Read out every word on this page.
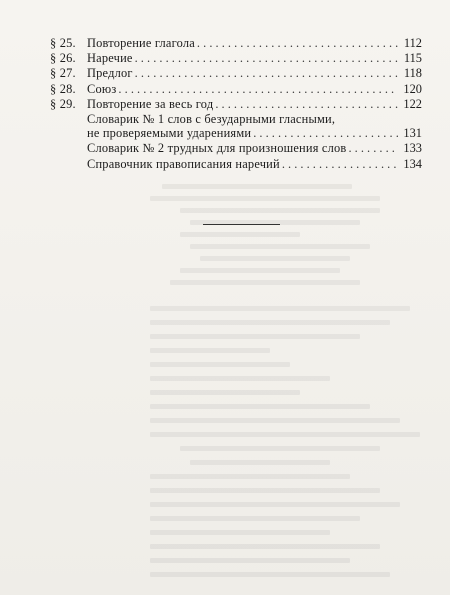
§ 25. Повторение глагола . . .	112
§ 26. Наречие . . .	115
§ 27. Предлог . . .	118
§ 28. Союз . . .	120
§ 29. Повторение за весь год . . .	122
Словарик № 1 слов с безударными гласными,
не проверяемыми ударениями . . .	131
Словарик № 2 трудных для произношения слов . . .	133
Справочник правописания наречий . . .	134
